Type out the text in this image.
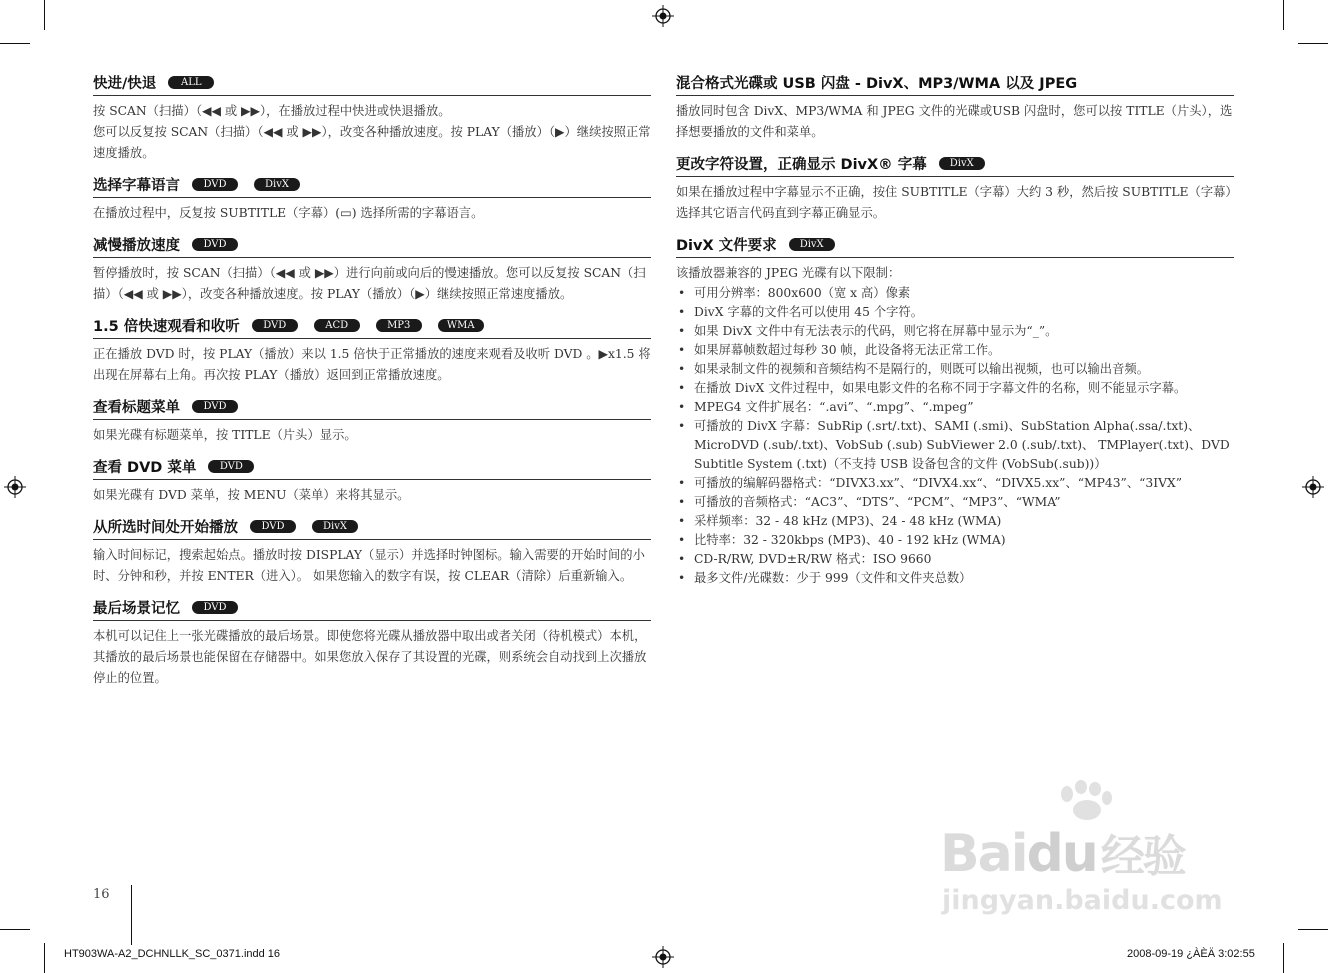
快进/快退	ALL

按 SCAN（扫描）（◀◀ 或 ▶▶），在播放过程中快进或快退播放。

您可以反复按 SCAN（扫描）（◀◀ 或 ▶▶），改变各种播放速度。按 PLAY（播放）（▶）继续按照正常速度播放。

选择字幕语言	DVD	DivX

在播放过程中，反复按 SUBTITLE（字幕）(▭) 选择所需的字幕语言。

减慢播放速度	DVD

暂停播放时，按 SCAN（扫描）（◀◀ 或 ▶▶）进行向前或向后的慢速播放。您可以反复按 SCAN（扫描）（◀◀ 或 ▶▶），改变各种播放速度。按 PLAY（播放）（▶）继续按照正常速度播放。

1.5 倍快速观看和收听	DVD	ACD	MP3	WMA

正在播放 DVD 时，按 PLAY（播放）来以 1.5 倍快于正常播放的速度来观看及收听 DVD 。▶x1.5 将出现在屏幕右上角。再次按 PLAY（播放）返回到正常播放速度。

查看标题菜单	DVD

如果光碟有标题菜单，按 TITLE（片头）显示。

查看 DVD 菜单	DVD

如果光碟有 DVD 菜单，按 MENU（菜单）来将其显示。

从所选时间处开始播放	DVD	DivX

输入时间标记，搜索起始点。播放时按 DISPLAY（显示）并选择时钟图标。输入需要的开始时间的小时、分钟和秒，并按 ENTER（进入）。 如果您输入的数字有误，按 CLEAR（清除）后重新输入。

最后场景记忆	DVD

本机可以记住上一张光碟播放的最后场景。即使您将光碟从播放器中取出或者关闭（待机模式）本机，其播放的最后场景也能保留在存储器中。如果您放入保存了其设置的光碟，则系统会自动找到上次播放停止的位置。

混合格式光碟或 USB 闪盘 - DivX、MP3/WMA 以及 JPEG

播放同时包含 DivX、MP3/WMA 和 JPEG 文件的光碟或USB 闪盘时，您可以按 TITLE（片头），选择想要播放的文件和菜单。

更改字符设置，正确显示 DivX® 字幕	DivX

如果在播放过程中字幕显示不正确，按住 SUBTITLE（字幕）大约 3 秒，然后按 SUBTITLE（字幕）选择其它语言代码直到字幕正确显示。

DivX 文件要求	DivX

该播放器兼容的 JPEG 光碟有以下限制：

• 可用分辨率：800x600（宽 x 高）像素
• DivX 字幕的文件名可以使用 45 个字符。
• 如果 DivX 文件中有无法表示的代码，则它将在屏幕中显示为“_”。
• 如果屏幕帧数超过每秒 30 帧，此设备将无法正常工作。
• 如果录制文件的视频和音频结构不是隔行的，则既可以输出视频，也可以输出音频。
• 在播放 DivX 文件过程中，如果电影文件的名称不同于字幕文件的名称，则不能显示字幕。
• MPEG4 文件扩展名：“.avi”、“.mpg”、“.mpeg”
• 可播放的 DivX 字幕：SubRip (.srt/.txt)、SAMI (.smi)、SubStation Alpha(.ssa/.txt)、MicroDVD (.sub/.txt)、VobSub (.sub) SubViewer 2.0 (.sub/.txt)、 TMPlayer(.txt)、DVD Subtitle System (.txt)（不支持 USB 设备包含的文件 (VobSub(.sub))）
• 可播放的编解码器格式：“DIVX3.xx”、“DIVX4.xx“、“DIVX5.xx”、“MP43”、“3IVX”
• 可播放的音频格式：“AC3”、“DTS”、“PCM”、“MP3”、“WMA”
• 采样频率：32 - 48 kHz (MP3)、24 - 48 kHz (WMA)
• 比特率：32 - 320kbps (MP3)、40 - 192 kHz (WMA)
• CD-R/RW, DVD±R/RW 格式：ISO 9660
• 最多文件/光碟数：少于 999（文件和文件夹总数）
16
HT903WA-A2_DCHNLLK_SC_0371.indd 16	2008-09-19 ¿ÀÈÄ 3:02:55
Baidu经验
jingyan.baidu.com
